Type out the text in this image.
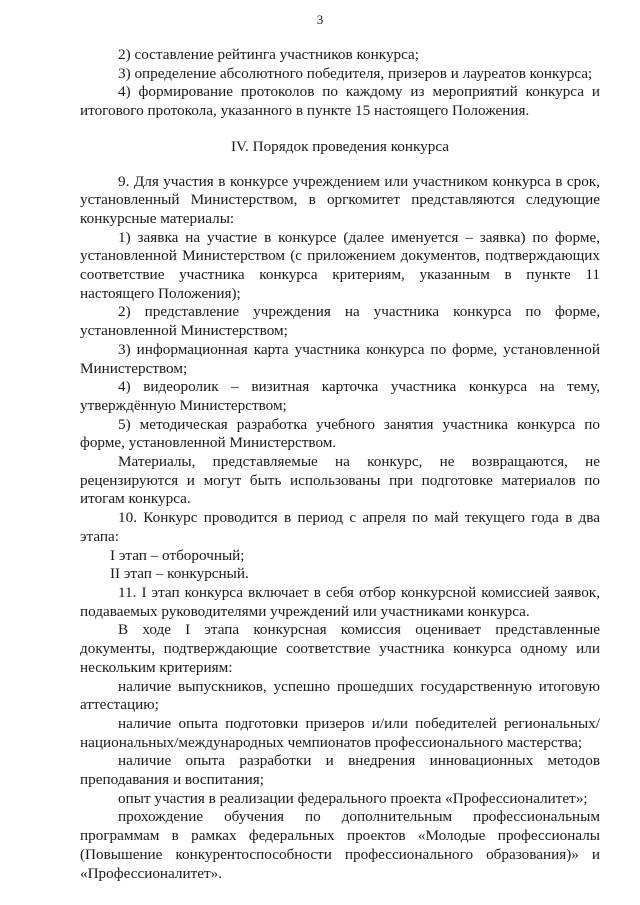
3

2) составление рейтинга участников конкурса;

3) определение абсолютного победителя, призеров и лауреатов конкурса;

4) формирование протоколов по каждому из мероприятий конкурса и итогового протокола, указанного в пункте 15 настоящего Положения.

IV. Порядок проведения конкурса

9. Для участия в конкурсе учреждением или участником конкурса в срок, установленный Министерством, в оргкомитет представляются следующие конкурсные материалы:

1) заявка на участие в конкурсе (далее именуется – заявка) по форме, установленной Министерством (с приложением документов, подтверждающих соответствие участника конкурса критериям, указанным в пункте 11 настоящего Положения);

2) представление учреждения на участника конкурса по форме, установленной Министерством;

3) информационная карта участника конкурса по форме, установленной Министерством;

4) видеоролик – визитная карточка участника конкурса на тему, утверждённую Министерством;

5) методическая разработка учебного занятия участника конкурса по форме, установленной Министерством.

Материалы, представляемые на конкурс, не возвращаются, не рецензируются и могут быть использованы при подготовке материалов по итогам конкурса.

10. Конкурс проводится в период с апреля по май текущего года в два этапа:

I этап – отборочный;

II этап – конкурсный.

11. I этап конкурса включает в себя отбор конкурсной комиссией заявок, подаваемых руководителями учреждений или участниками конкурса.

В ходе I этапа конкурсная комиссия оценивает представленные документы, подтверждающие соответствие участника конкурса одному или нескольким критериям:

наличие выпускников, успешно прошедших государственную итоговую аттестацию;

наличие опыта подготовки призеров и/или победителей региональных/ национальных/международных чемпионатов профессионального мастерства;

наличие опыта разработки и внедрения инновационных методов преподавания и воспитания;

опыт участия в реализации федерального проекта «Профессионалитет»;

прохождение обучения по дополнительным профессиональным программам в рамках федеральных проектов «Молодые профессионалы (Повышение конкурентоспособности профессионального образования)» и «Профессионалитет».
